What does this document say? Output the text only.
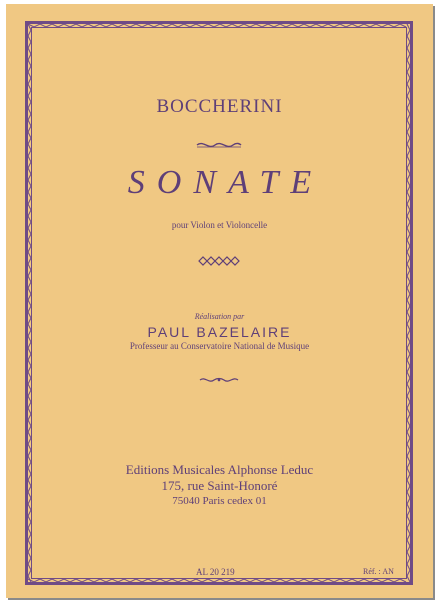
BOCCHERINI
SONATE
pour Violon et Violoncelle
Réalisation par
PAUL BAZELAIRE
Professeur au Conservatoire National de Musique
Editions Musicales Alphonse Leduc
175, rue Saint-Honoré
75040 Paris cedex 01
AL 20 219	Réf. : AN
